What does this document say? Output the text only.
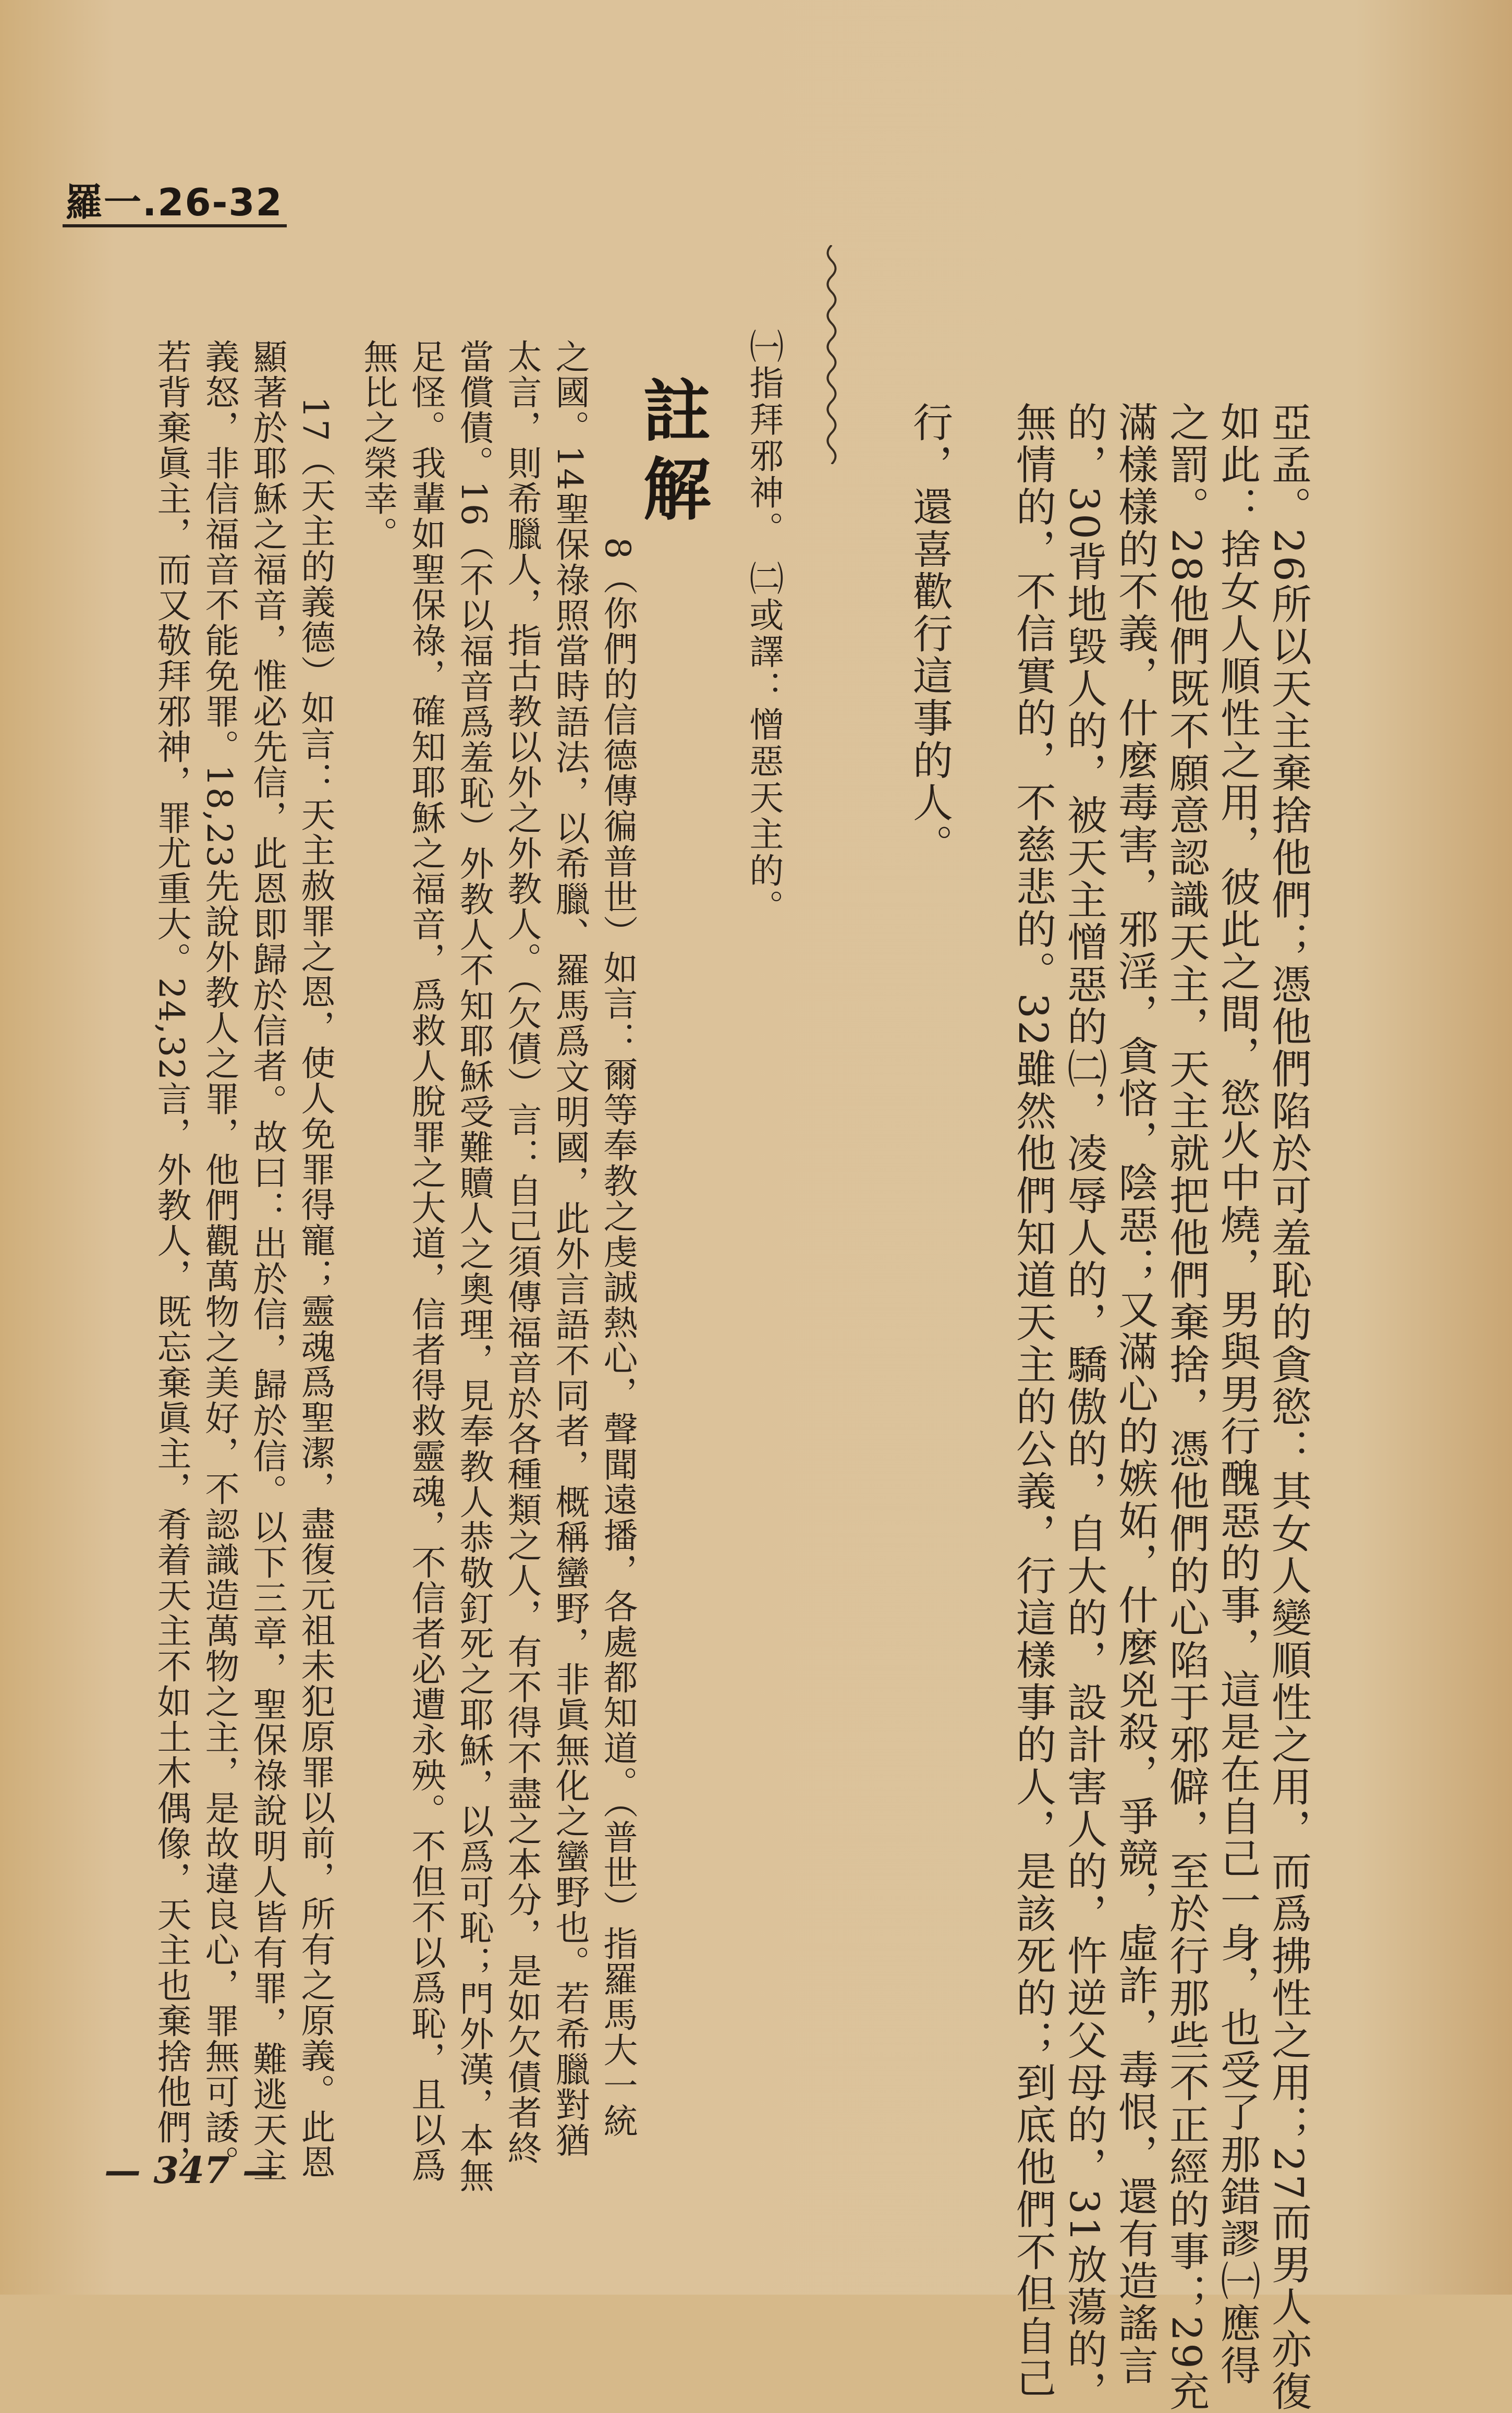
羅一.26-32
亞孟。26所以天主棄捨他們；憑他們陷於可羞恥的貪慾：其女人變順性之用，而爲拂性之用；27而男人亦復
如此：捨女人順性之用，彼此之間，慾火中燒，男與男行醜惡的事，這是在自己一身，也受了那錯謬㈠應得
之罰。28他們既不願意認識天主，天主就把他們棄捨，憑他們的心陷于邪僻，至於行那些不正經的事；29充
滿樣樣的不義，什麼毒害，邪淫，貪悋，陰惡；又滿心的嫉妬，什麼兇殺，爭競，虛詐，毒恨，還有造謠言
的，30背地毀人的，被天主憎惡的㈡，凌辱人的，驕傲的，自大的，設計害人的，忤逆父母的，31放蕩的，
無情的，不信實的，不慈悲的。32雖然他們知道天主的公義，行這樣事的人，是該死的；到底他們不但自己
行，還喜歡行這事的人。
㈠指拜邪神。 ㈡或譯：憎惡天主的。
註解
8（你們的信德傳徧普世）如言：爾等奉教之虔誠熱心，聲聞遠播，各處都知道。（普世）指羅馬大一統
之國。14聖保祿照當時語法，以希臘、羅馬爲文明國，此外言語不同者，概稱蠻野，非眞無化之蠻野也。若希臘對猶
太言，則希臘人，指古教以外之外教人。（欠債）言：自己須傳福音於各種類之人，有不得不盡之本分，是如欠債者終
當償債。16（不以福音爲羞恥）外教人不知耶穌受難贖人之奧理，見奉教人恭敬釘死之耶穌，以爲可恥；門外漢，本無
足怪。我輩如聖保祿，確知耶穌之福音，爲救人脫罪之大道，信者得救靈魂，不信者必遭永殃。不但不以爲恥，且以爲
無比之榮幸。
17（天主的義德）如言：天主赦罪之恩，使人免罪得寵；靈魂爲聖潔，盡復元祖未犯原罪以前，所有之原義。此恩
顯著於耶穌之福音，惟必先信，此恩即歸於信者。故曰：出於信，歸於信。以下三章，聖保祿說明人皆有罪，難逃天主
義怒，非信福音不能免罪。18,23先說外教人之罪，他們觀萬物之美好，不認識造萬物之主，是故違良心，罪無可諉。
若背棄眞主，而又敬拜邪神，罪尤重大。24,32言，外教人，既忘棄眞主，肴着天主不如土木偶像，天主也棄捨他們，
— 347 —
